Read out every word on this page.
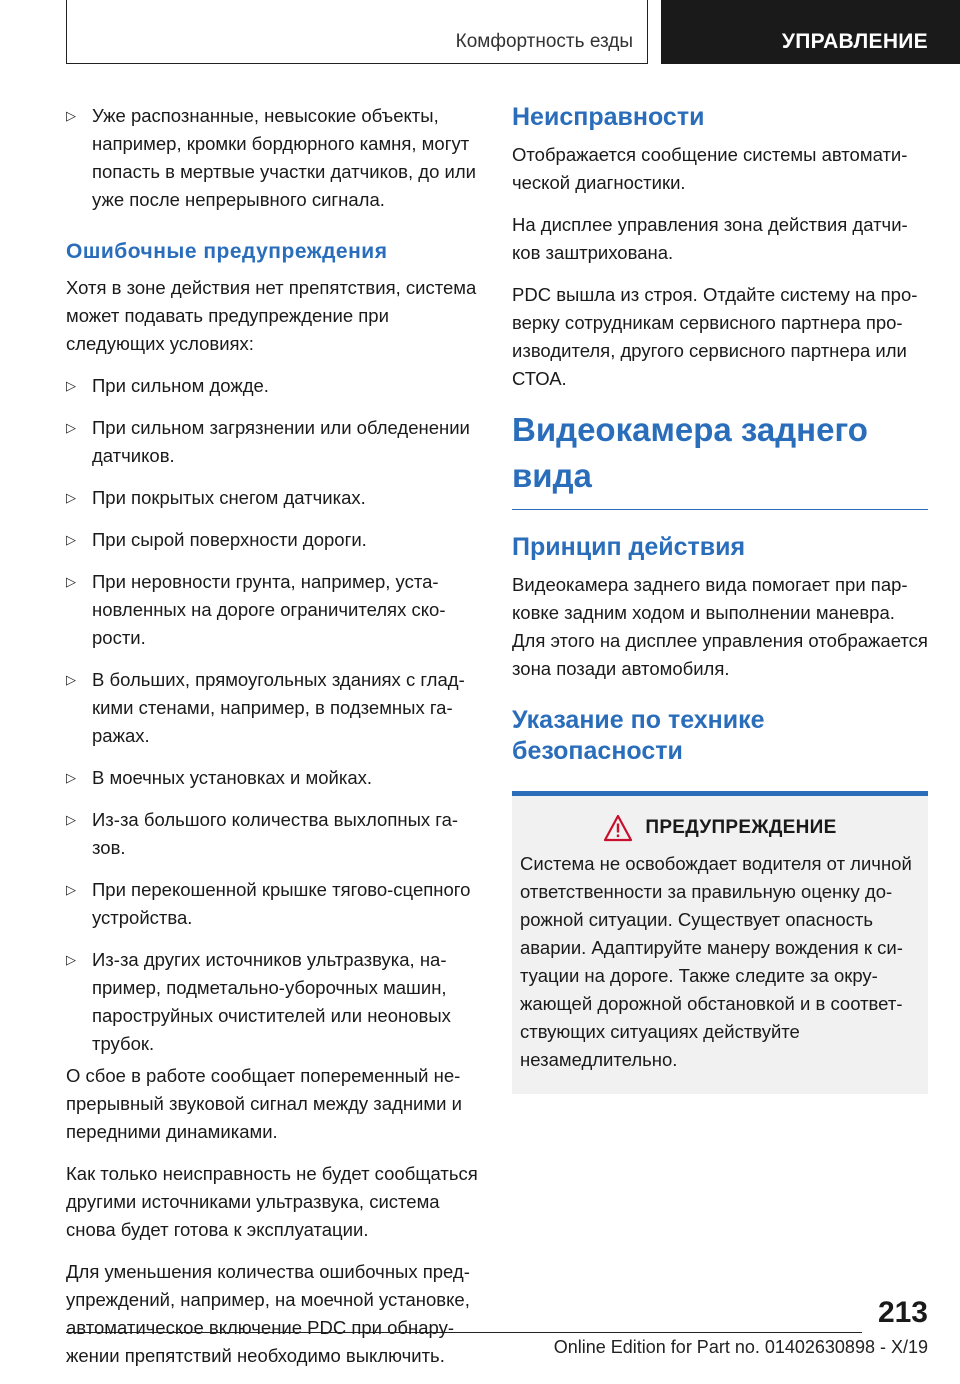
Комфортность езды	УПРАВЛЕНИЕ
▷ Уже распознанные, невысокие объекты, например, кромки бордюрного камня, могут попасть в мертвые участки датчиков, до или уже после непрерывного сигнала.
Ошибочные предупреждения

Хотя в зоне действия нет препятствия, система может подавать предупреждение при следующих условиях:

▷ При сильном дожде.
▷ При сильном загрязнении или обледенении датчиков.
▷ При покрытых снегом датчиках.
▷ При сырой поверхности дороги.
▷ При неровности грунта, например, установленных на дороге ограничителях скорости.
▷ В больших, прямоугольных зданиях с гладкими стенами, например, в подземных гаражах.
▷ В моечных установках и мойках.
▷ Из-за большого количества выхлопных газов.
▷ При перекошенной крышке тягово-сцепного устройства.
▷ Из-за других источников ультразвука, например, подметально-уборочных машин, пароструйных очистителей или неоновых трубок.

О сбое в работе сообщает попеременный непрерывный звуковой сигнал между задними и передними динамиками.

Как только неисправность не будет сообщаться другими источниками ультразвука, система снова будет готова к эксплуатации.

Для уменьшения количества ошибочных предупреждений, например, на моечной установке, автоматическое включение PDC при обнаружении препятствий необходимо выключить.

Неисправности

Отображается сообщение системы автоматической диагностики.

На дисплее управления зона действия датчиков заштрихована.

PDC вышла из строя. Отдайте систему на проверку сотрудникам сервисного партнера производителя, другого сервисного партнера или СТОА.

Видеокамера заднего вида
Принцип действия

Видеокамера заднего вида помогает при парковке задним ходом и выполнении маневра. Для этого на дисплее управления отображается зона позади автомобиля.

Указание по технике безопасности
ПРЕДУПРЕЖДЕНИЕ
Система не освобождает водителя от личной ответственности за правильную оценку дорожной ситуации. Существует опасность аварии. Адаптируйте манеру вождения к ситуации на дороге. Также следите за окружающей дорожной обстановкой и в соответствующих ситуациях действуйте незамедлительно.
213
Online Edition for Part no. 01402630898 - X/19
